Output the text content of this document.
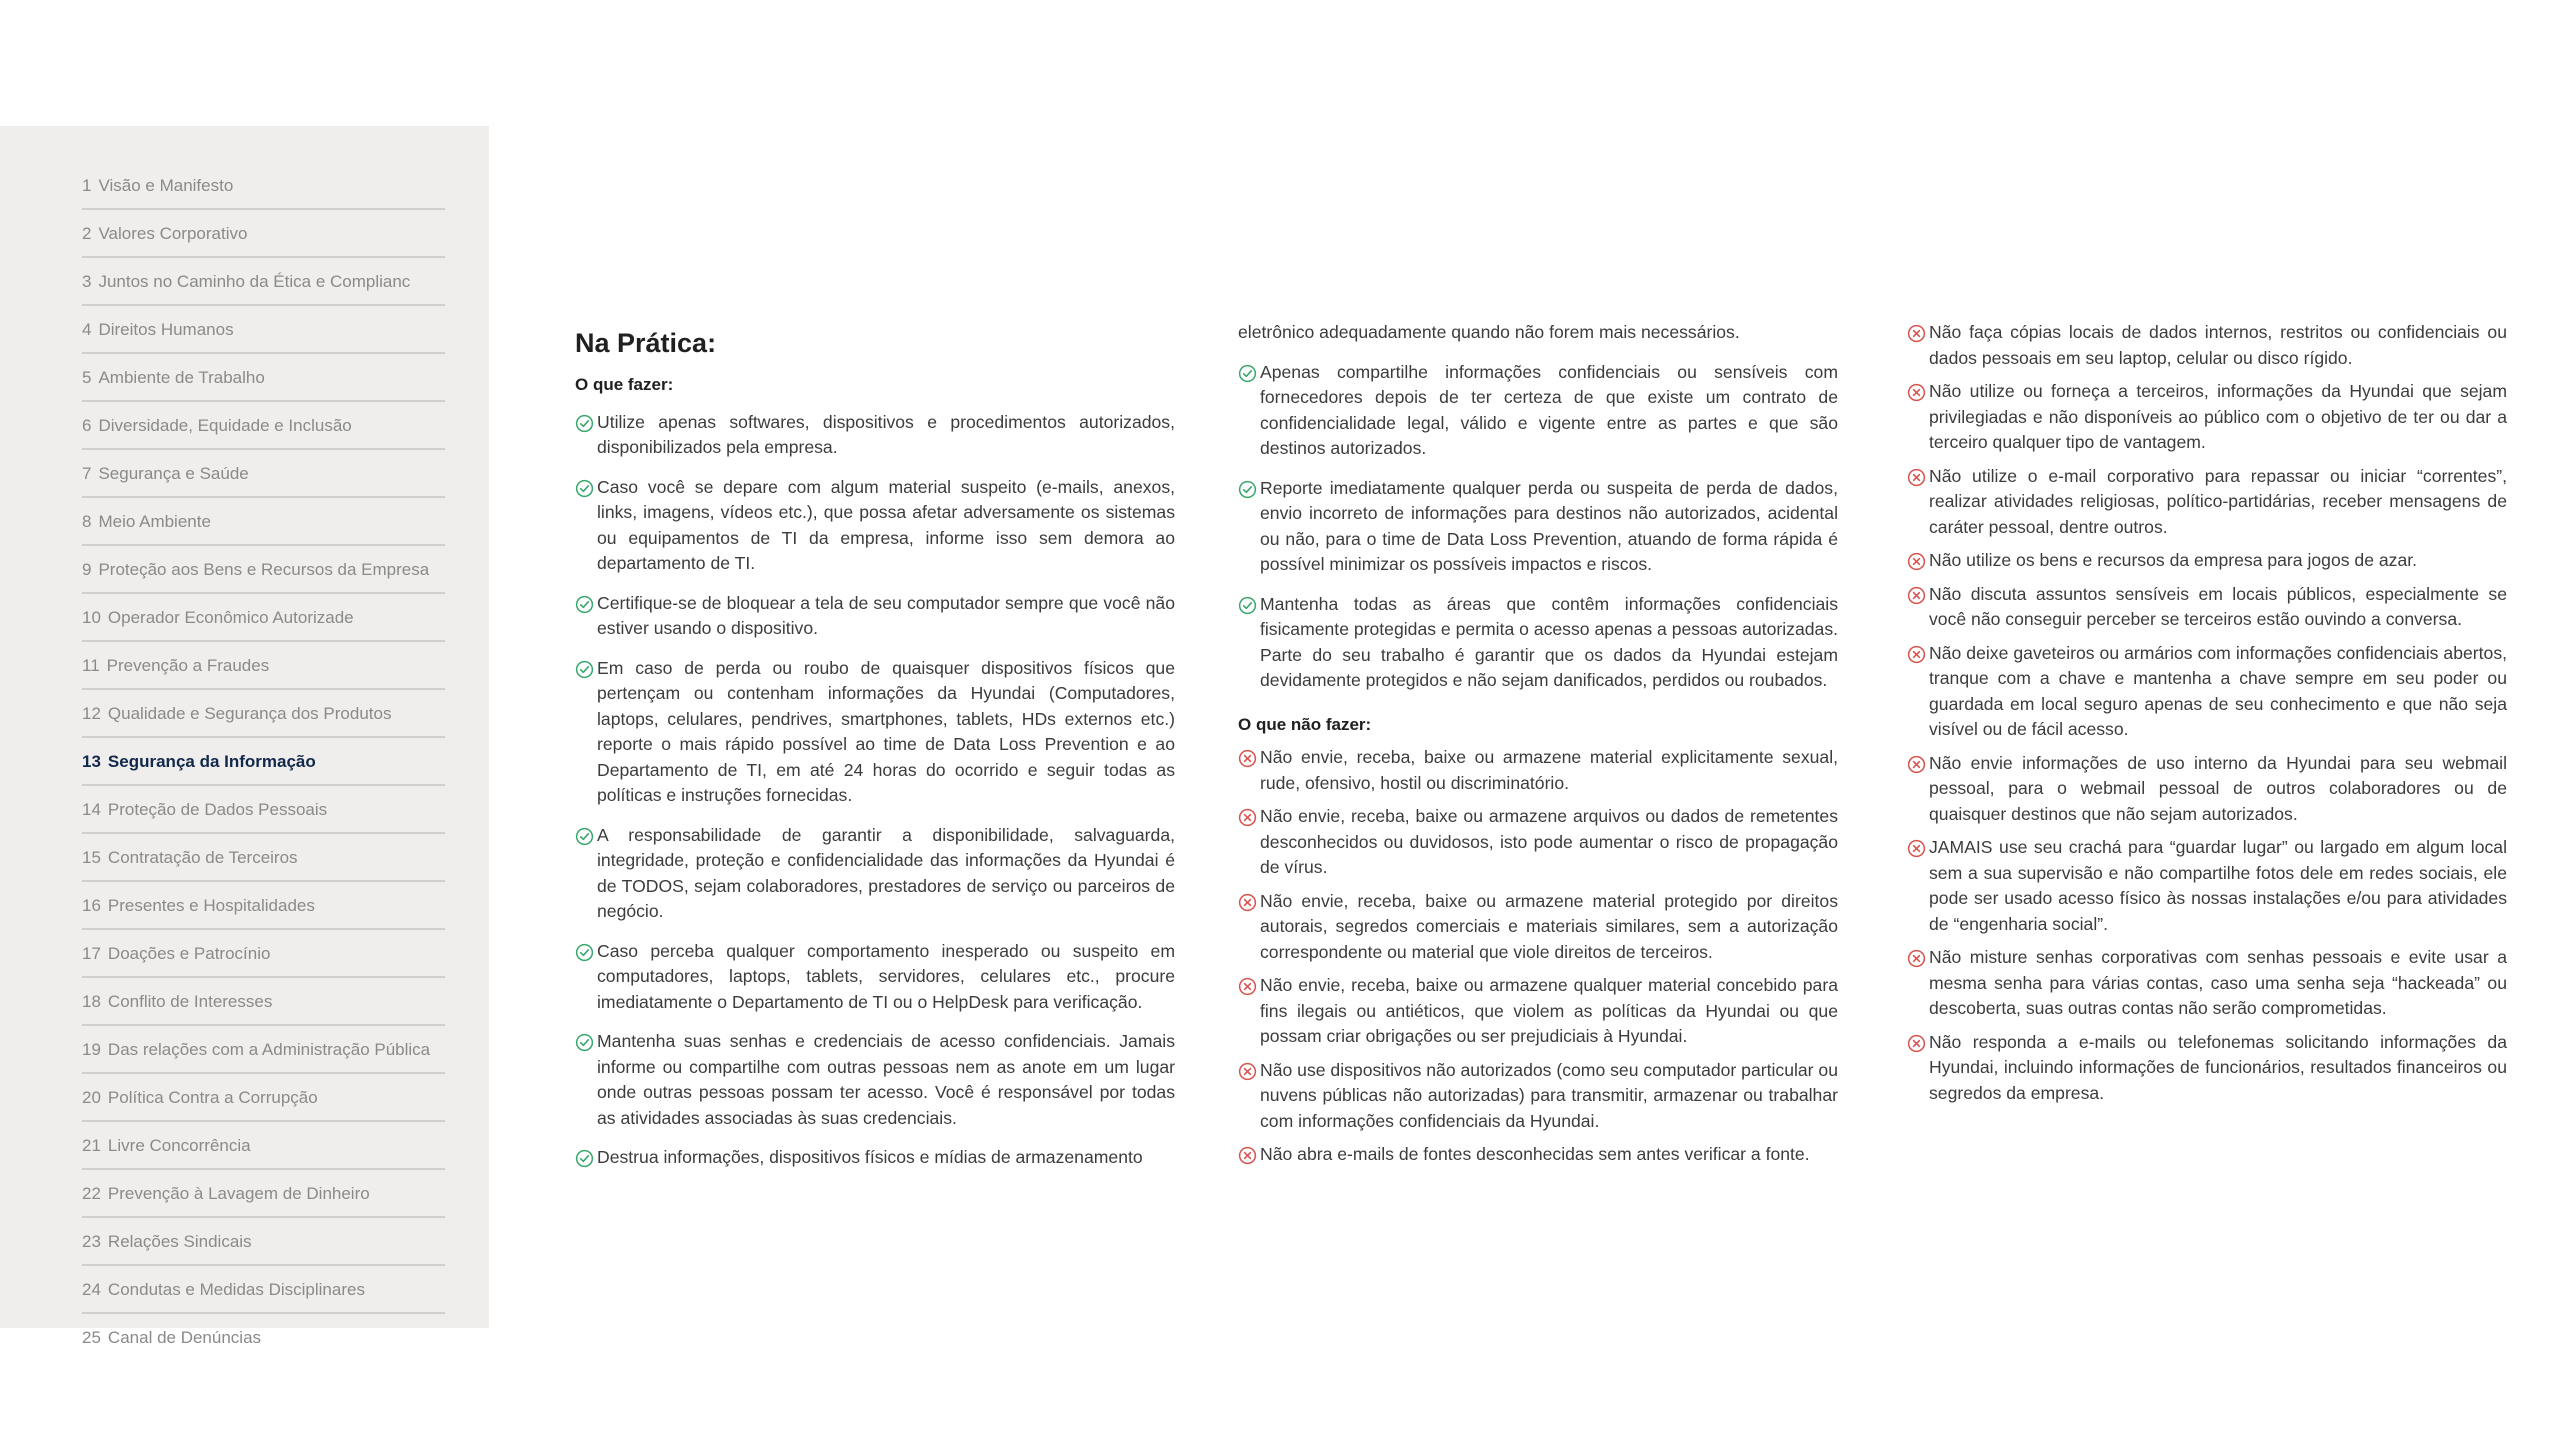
1 Visão e Manifesto
2 Valores Corporativo
3 Juntos no Caminho da Ética e Complianc
4 Direitos Humanos
5 Ambiente de Trabalho
6 Diversidade, Equidade e Inclusão
7 Segurança e Saúde
8 Meio Ambiente
9 Proteção aos Bens e Recursos da Empresa
10 Operador Econômico Autorizade
11 Prevenção a Fraudes
12 Qualidade e Segurança dos Produtos
13 Segurança da Informação
14 Proteção de Dados Pessoais
15 Contratação de Terceiros
16 Presentes e Hospitalidades
17 Doações e Patrocínio
18 Conflito de Interesses
19 Das relações com a Administração Pública
20 Política Contra a Corrupção
21 Livre Concorrência
22 Prevenção à Lavagem de Dinheiro
23 Relações Sindicais
24 Condutas e Medidas Disciplinares
25 Canal de Denúncias
Na Prática:
O que fazer:
Utilize apenas softwares, dispositivos e procedimentos autorizados, disponibilizados pela empresa.
Caso você se depare com algum material suspeito (e-mails, anexos, links, imagens, vídeos etc.), que possa afetar adversamente os sistemas ou equipamentos de TI da empresa, informe isso sem demora ao departamento de TI.
Certifique-se de bloquear a tela de seu computador sempre que você não estiver usando o dispositivo.
Em caso de perda ou roubo de quaisquer dispositivos físicos que pertençam ou contenham informações da Hyundai (Computadores, laptops, celulares, pendrives, smartphones, tablets, HDs externos etc.) reporte o mais rápido possível ao time de Data Loss Prevention e ao Departamento de TI, em até 24 horas do ocorrido e seguir todas as políticas e instruções fornecidas.
A responsabilidade de garantir a disponibilidade, salvaguarda, integridade, proteção e confidencialidade das informações da Hyundai é de TODOS, sejam colaboradores, prestadores de serviço ou parceiros de negócio.
Caso perceba qualquer comportamento inesperado ou suspeito em computadores, laptops, tablets, servidores, celulares etc., procure imediatamente o Departamento de TI ou o HelpDesk para verificação.
Mantenha suas senhas e credenciais de acesso confidenciais. Jamais informe ou compartilhe com outras pessoas nem as anote em um lugar onde outras pessoas possam ter acesso. Você é responsável por todas as atividades associadas às suas credenciais.
Destrua informações, dispositivos físicos e mídias de armazenamento

eletrônico adequadamente quando não forem mais necessários.

Apenas compartilhe informações confidenciais ou sensíveis com fornecedores depois de ter certeza de que existe um contrato de confidencialidade legal, válido e vigente entre as partes e que são destinos autorizados.
Reporte imediatamente qualquer perda ou suspeita de perda de dados, envio incorreto de informações para destinos não autorizados, acidental ou não, para o time de Data Loss Prevention, atuando de forma rápida é possível minimizar os possíveis impactos e riscos.
Mantenha todas as áreas que contêm informações confidenciais fisicamente protegidas e permita o acesso apenas a pessoas autorizadas. Parte do seu trabalho é garantir que os dados da Hyundai estejam devidamente protegidos e não sejam danificados, perdidos ou roubados.
O que não fazer:
Não envie, receba, baixe ou armazene material explicitamente sexual, rude, ofensivo, hostil ou discriminatório.
Não envie, receba, baixe ou armazene arquivos ou dados de remetentes desconhecidos ou duvidosos, isto pode aumentar o risco de propagação de vírus.
Não envie, receba, baixe ou armazene material protegido por direitos autorais, segredos comerciais e materiais similares, sem a autorização correspondente ou material que viole direitos de terceiros.
Não envie, receba, baixe ou armazene qualquer material concebido para fins ilegais ou antiéticos, que violem as políticas da Hyundai ou que possam criar obrigações ou ser prejudiciais à Hyundai.
Não use dispositivos não autorizados (como seu computador particular ou nuvens públicas não autorizadas) para transmitir, armazenar ou trabalhar com informações confidenciais da Hyundai.
Não abra e-mails de fontes desconhecidas sem antes verificar a fonte.
Não faça cópias locais de dados internos, restritos ou confidenciais ou dados pessoais em seu laptop, celular ou disco rígido.
Não utilize ou forneça a terceiros, informações da Hyundai que sejam privilegiadas e não disponíveis ao público com o objetivo de ter ou dar a terceiro qualquer tipo de vantagem.
Não utilize o e-mail corporativo para repassar ou iniciar “correntes”, realizar atividades religiosas, político-partidárias, receber mensagens de caráter pessoal, dentre outros.
Não utilize os bens e recursos da empresa para jogos de azar.
Não discuta assuntos sensíveis em locais públicos, especialmente se você não conseguir perceber se terceiros estão ouvindo a conversa.
Não deixe gaveteiros ou armários com informações confidenciais abertos, tranque com a chave e mantenha a chave sempre em seu poder ou guardada em local seguro apenas de seu conhecimento e que não seja visível ou de fácil acesso.
Não envie informações de uso interno da Hyundai para seu webmail pessoal, para o webmail pessoal de outros colaboradores ou de quaisquer destinos que não sejam autorizados.
JAMAIS use seu crachá para “guardar lugar” ou largado em algum local sem a sua supervisão e não compartilhe fotos dele em redes sociais, ele pode ser usado acesso físico às nossas instalações e/ou para atividades de “engenharia social”.
Não misture senhas corporativas com senhas pessoais e evite usar a mesma senha para várias contas, caso uma senha seja “hackeada” ou descoberta, suas outras contas não serão comprometidas.
Não responda a e-mails ou telefonemas solicitando informações da Hyundai, incluindo informações de funcionários, resultados financeiros ou segredos da empresa.
